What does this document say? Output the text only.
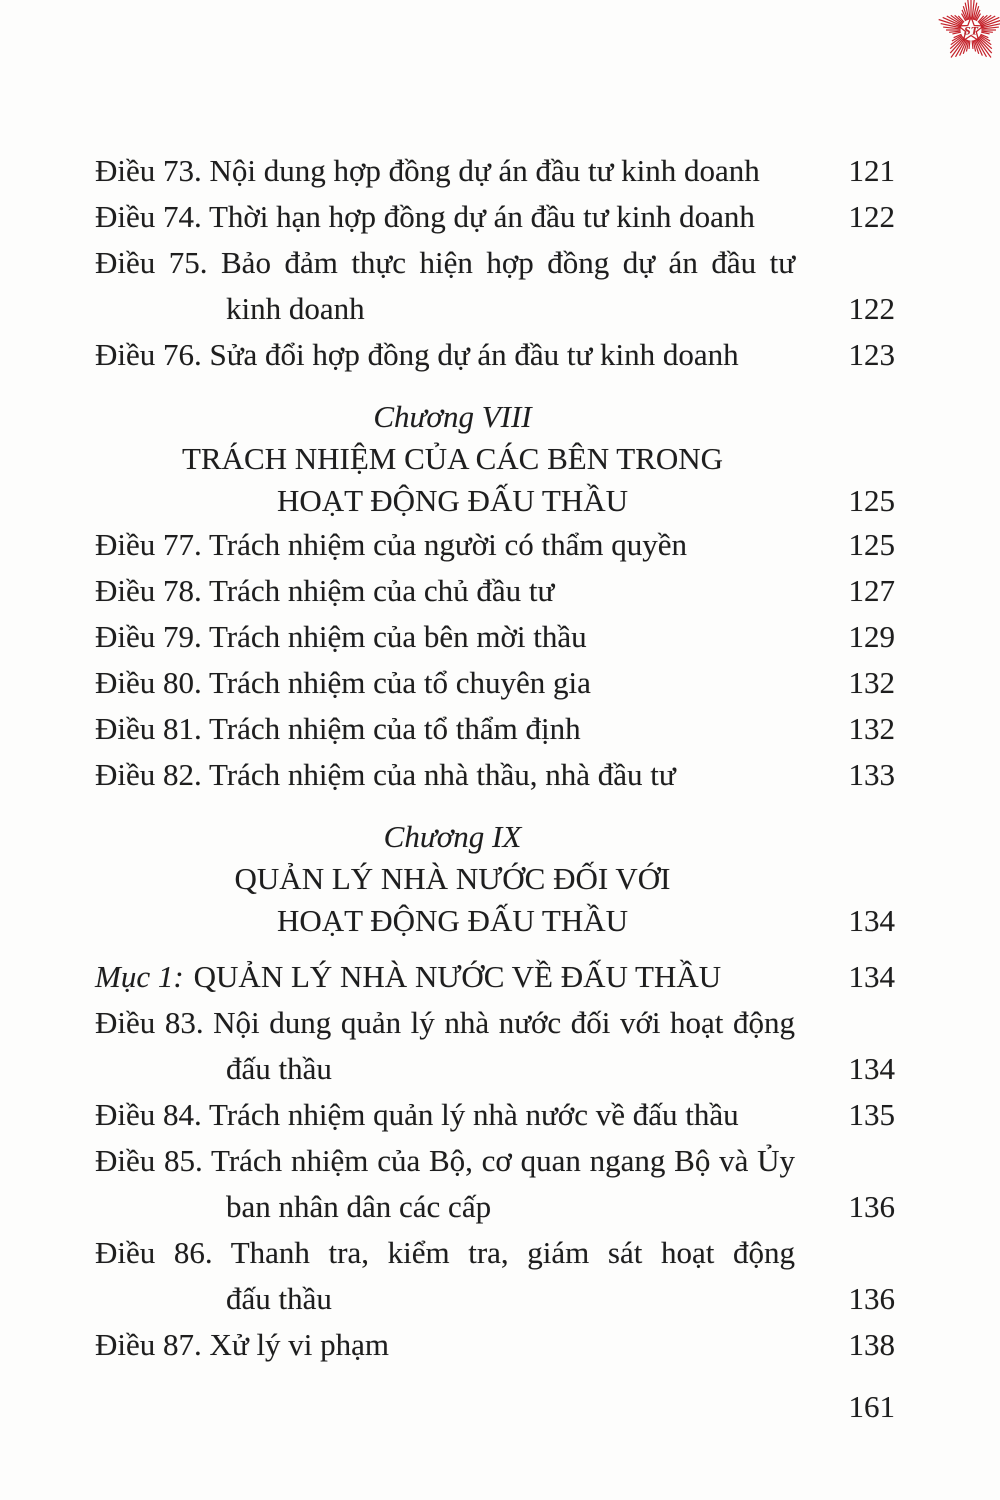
ST
Điều 73. Nội dung hợp đồng dự án đầu tư kinh doanh	121
Điều 74. Thời hạn hợp đồng dự án đầu tư kinh doanh	122
Điều 75. Bảo đảm thực hiện hợp đồng dự án đầu tư
kinh doanh	122
Điều 76. Sửa đổi hợp đồng dự án đầu tư kinh doanh	123
Chương VIII
TRÁCH NHIỆM CỦA CÁC BÊN TRONG
HOẠT ĐỘNG ĐẤU THẦU	125
Điều 77. Trách nhiệm của người có thẩm quyền	125
Điều 78. Trách nhiệm của chủ đầu tư	127
Điều 79. Trách nhiệm của bên mời thầu	129
Điều 80. Trách nhiệm của tổ chuyên gia	132
Điều 81. Trách nhiệm của tổ thẩm định	132
Điều 82. Trách nhiệm của nhà thầu, nhà đầu tư	133
Chương IX
QUẢN LÝ NHÀ NƯỚC ĐỐI VỚI
HOẠT ĐỘNG ĐẤU THẦU	134
Mục 1: QUẢN LÝ NHÀ NƯỚC VỀ ĐẤU THẦU	134
Điều 83. Nội dung quản lý nhà nước đối với hoạt động
đấu thầu	134
Điều 84. Trách nhiệm quản lý nhà nước về đấu thầu	135
Điều 85. Trách nhiệm của Bộ, cơ quan ngang Bộ và Ủy
ban nhân dân các cấp	136
Điều 86. Thanh tra, kiểm tra, giám sát hoạt động
đấu thầu	136
Điều 87. Xử lý vi phạm	138
161
